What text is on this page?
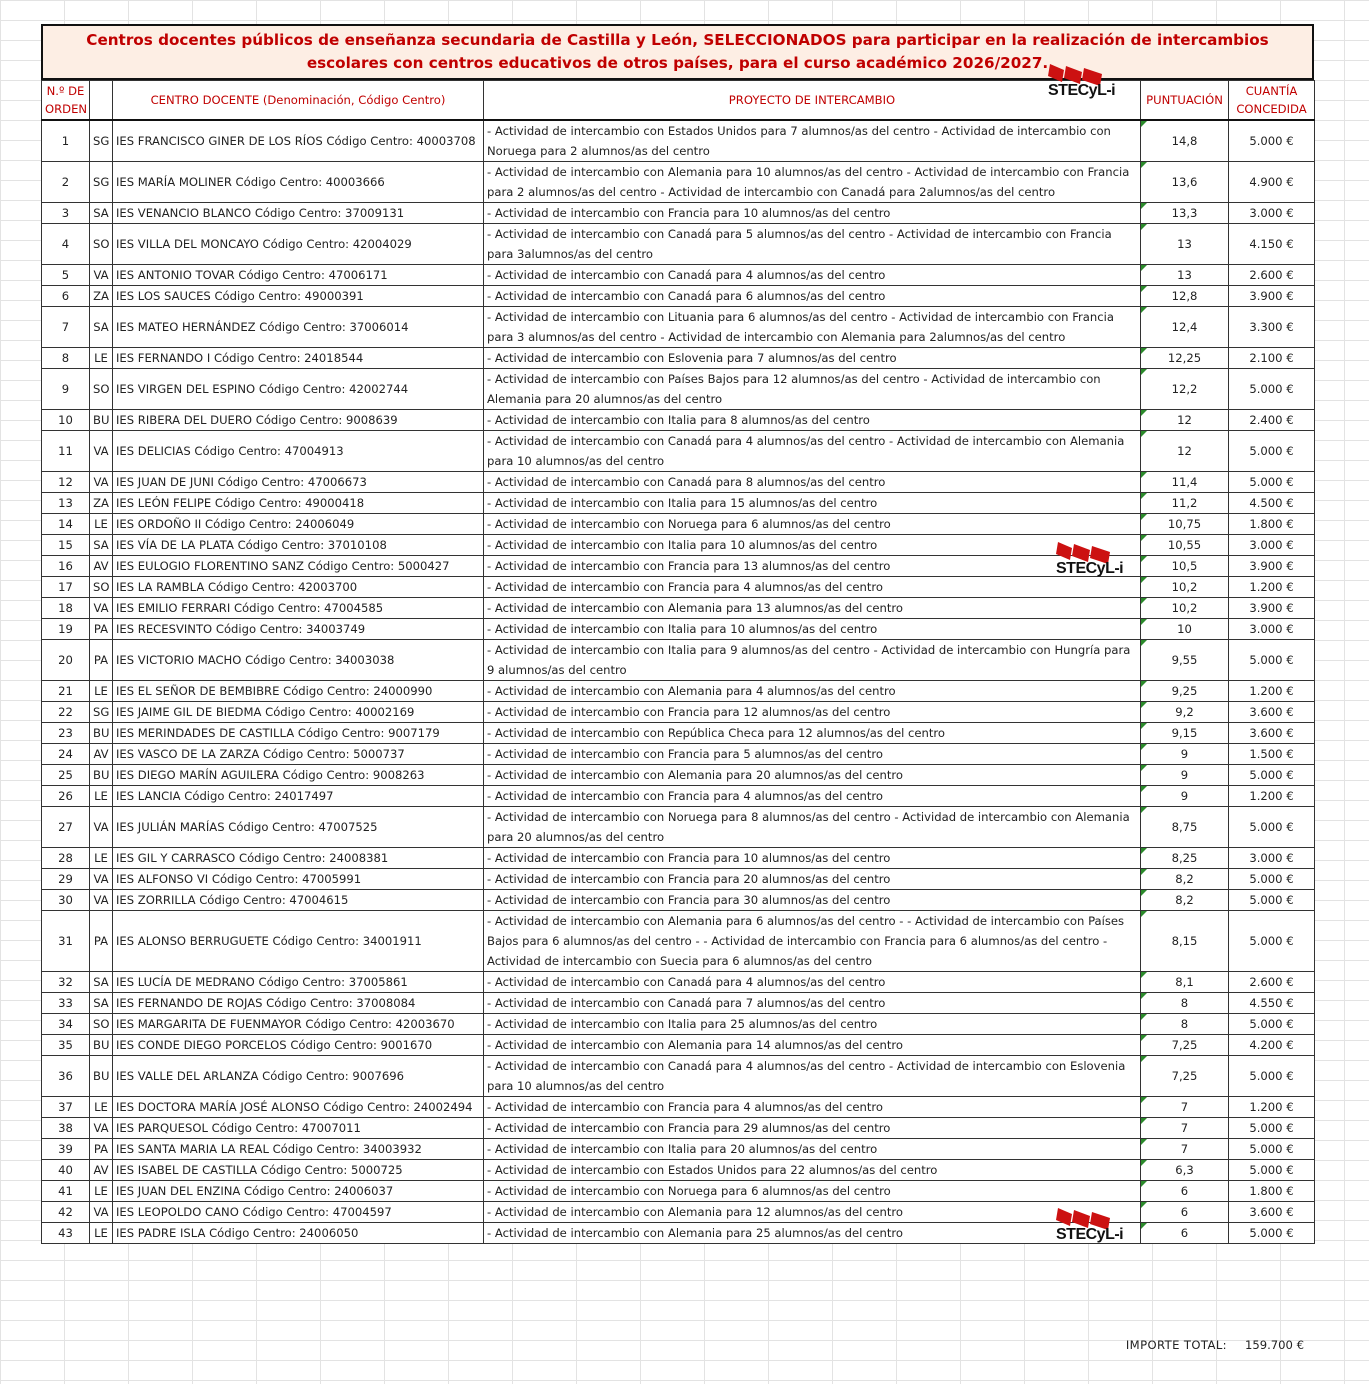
Centros docentes públicos de enseñanza secundaria de Castilla y León, SELECCIONADOS para participar en la realización de intercambios escolares con centros educativos de otros países, para el curso académico 2026/2027.
N.º DE ORDEN		CENTRO DOCENTE (Denominación, Código Centro)	PROYECTO DE INTERCAMBIO	PUNTUACIÓN	CUANTÍA CONCEDIDA
1	SG	IES FRANCISCO GINER DE LOS RÍOS Código Centro: 40003708	- Actividad de intercambio con Estados Unidos para 7 alumnos/as del centro - Actividad de intercambio con Noruega para 2 alumnos/as del centro	14,8	5.000 €
2	SG	IES MARÍA MOLINER Código Centro: 40003666	- Actividad de intercambio con Alemania para 10 alumnos/as del centro - Actividad de intercambio con Francia para 2 alumnos/as del centro - Actividad de intercambio con Canadá para 2alumnos/as del centro	13,6	4.900 €
3	SA	IES VENANCIO BLANCO Código Centro: 37009131	- Actividad de intercambio con Francia para 10 alumnos/as del centro	13,3	3.000 €
4	SO	IES VILLA DEL MONCAYO Código Centro: 42004029	- Actividad de intercambio con Canadá para 5 alumnos/as del centro - Actividad de intercambio con Francia para 3alumnos/as del centro	13	4.150 €
5	VA	IES ANTONIO TOVAR Código Centro: 47006171	- Actividad de intercambio con Canadá para 4 alumnos/as del centro	13	2.600 €
6	ZA	IES LOS SAUCES Código Centro: 49000391	- Actividad de intercambio con Canadá para 6 alumnos/as del centro	12,8	3.900 €
7	SA	IES MATEO HERNÁNDEZ Código Centro: 37006014	- Actividad de intercambio con Lituania para 6 alumnos/as del centro - Actividad de intercambio con Francia para 3 alumnos/as del centro - Actividad de intercambio con Alemania para 2alumnos/as del centro	12,4	3.300 €
8	LE	IES FERNANDO I Código Centro: 24018544	- Actividad de intercambio con Eslovenia para 7 alumnos/as del centro	12,25	2.100 €
9	SO	IES VIRGEN DEL ESPINO Código Centro: 42002744	- Actividad de intercambio con Países Bajos para 12 alumnos/as del centro - Actividad de intercambio con Alemania para 20 alumnos/as del centro	12,2	5.000 €
10	BU	IES RIBERA DEL DUERO Código Centro: 9008639	- Actividad de intercambio con Italia para 8 alumnos/as del centro	12	2.400 €
11	VA	IES DELICIAS Código Centro: 47004913	- Actividad de intercambio con Canadá para 4 alumnos/as del centro - Actividad de intercambio con Alemania para 10 alumnos/as del centro	12	5.000 €
12	VA	IES JUAN DE JUNI Código Centro: 47006673	- Actividad de intercambio con Canadá para 8 alumnos/as del centro	11,4	5.000 €
13	ZA	IES LEÓN FELIPE Código Centro: 49000418	- Actividad de intercambio con Italia para 15 alumnos/as del centro	11,2	4.500 €
14	LE	IES ORDOÑO II Código Centro: 24006049	- Actividad de intercambio con Noruega para 6 alumnos/as del centro	10,75	1.800 €
15	SA	IES VÍA DE LA PLATA Código Centro: 37010108	- Actividad de intercambio con Italia para 10 alumnos/as del centro	10,55	3.000 €
16	AV	IES EULOGIO FLORENTINO SANZ Código Centro: 5000427	- Actividad de intercambio con Francia para 13 alumnos/as del centro	10,5	3.900 €
17	SO	IES LA RAMBLA Código Centro: 42003700	- Actividad de intercambio con Francia para 4 alumnos/as del centro	10,2	1.200 €
18	VA	IES EMILIO FERRARI Código Centro: 47004585	- Actividad de intercambio con Alemania para 13 alumnos/as del centro	10,2	3.900 €
19	PA	IES RECESVINTO Código Centro: 34003749	- Actividad de intercambio con Italia para 10 alumnos/as del centro	10	3.000 €
20	PA	IES VICTORIO MACHO Código Centro: 34003038	- Actividad de intercambio con Italia para 9 alumnos/as del centro - Actividad de intercambio con Hungría para 9 alumnos/as del centro	9,55	5.000 €
21	LE	IES EL SEÑOR DE BEMBIBRE Código Centro: 24000990	- Actividad de intercambio con Alemania para 4 alumnos/as del centro	9,25	1.200 €
22	SG	IES JAIME GIL DE BIEDMA Código Centro: 40002169	- Actividad de intercambio con Francia para 12 alumnos/as del centro	9,2	3.600 €
23	BU	IES MERINDADES DE CASTILLA Código Centro: 9007179	- Actividad de intercambio con República Checa para 12 alumnos/as del centro	9,15	3.600 €
24	AV	IES VASCO DE LA ZARZA Código Centro: 5000737	- Actividad de intercambio con Francia para 5 alumnos/as del centro	9	1.500 €
25	BU	IES DIEGO MARÍN AGUILERA Código Centro: 9008263	- Actividad de intercambio con Alemania para 20 alumnos/as del centro	9	5.000 €
26	LE	IES LANCIA Código Centro: 24017497	- Actividad de intercambio con Francia para 4 alumnos/as del centro	9	1.200 €
27	VA	IES JULIÁN MARÍAS Código Centro: 47007525	- Actividad de intercambio con Noruega para 8 alumnos/as del centro - Actividad de intercambio con Alemania para 20 alumnos/as del centro	8,75	5.000 €
28	LE	IES GIL Y CARRASCO Código Centro: 24008381	- Actividad de intercambio con Francia para 10 alumnos/as del centro	8,25	3.000 €
29	VA	IES ALFONSO VI Código Centro: 47005991	- Actividad de intercambio con Francia para 20 alumnos/as del centro	8,2	5.000 €
30	VA	IES ZORRILLA Código Centro: 47004615	- Actividad de intercambio con Francia para 30 alumnos/as del centro	8,2	5.000 €
31	PA	IES ALONSO BERRUGUETE Código Centro: 34001911	- Actividad de intercambio con Alemania para 6 alumnos/as del centro - - Actividad de intercambio con Países Bajos para 6 alumnos/as del centro - - Actividad de intercambio con Francia para 6 alumnos/as del centro - Actividad de intercambio con Suecia para 6 alumnos/as del centro	8,15	5.000 €
32	SA	IES LUCÍA DE MEDRANO Código Centro: 37005861	- Actividad de intercambio con Canadá para 4 alumnos/as del centro	8,1	2.600 €
33	SA	IES FERNANDO DE ROJAS Código Centro: 37008084	- Actividad de intercambio con Canadá para 7 alumnos/as del centro	8	4.550 €
34	SO	IES MARGARITA DE FUENMAYOR Código Centro: 42003670	- Actividad de intercambio con Italia para 25 alumnos/as del centro	8	5.000 €
35	BU	IES CONDE DIEGO PORCELOS Código Centro: 9001670	- Actividad de intercambio con Alemania para 14 alumnos/as del centro	7,25	4.200 €
36	BU	IES VALLE DEL ARLANZA Código Centro: 9007696	- Actividad de intercambio con Canadá para 4 alumnos/as del centro - Actividad de intercambio con Eslovenia para 10 alumnos/as del centro	7,25	5.000 €
37	LE	IES DOCTORA MARÍA JOSÉ ALONSO Código Centro: 24002494	- Actividad de intercambio con Francia para 4 alumnos/as del centro	7	1.200 €
38	VA	IES PARQUESOL Código Centro: 47007011	- Actividad de intercambio con Francia para 29 alumnos/as del centro	7	5.000 €
39	PA	IES SANTA MARIA LA REAL Código Centro: 34003932	- Actividad de intercambio con Italia para 20 alumnos/as del centro	7	5.000 €
40	AV	IES ISABEL DE CASTILLA Código Centro: 5000725	- Actividad de intercambio con Estados Unidos para 22 alumnos/as del centro	6,3	5.000 €
41	LE	IES JUAN DEL ENZINA Código Centro: 24006037	- Actividad de intercambio con Noruega para 6 alumnos/as del centro	6	1.800 €
42	VA	IES LEOPOLDO CANO Código Centro: 47004597	- Actividad de intercambio con Alemania para 12 alumnos/as del centro	6	3.600 €
43	LE	IES PADRE ISLA Código Centro: 24006050	- Actividad de intercambio con Alemania para 25 alumnos/as del centro	6	5.000 €
IMPORTE TOTAL:	159.700 €
STECyL-i
STECyL-i
STECyL-i
